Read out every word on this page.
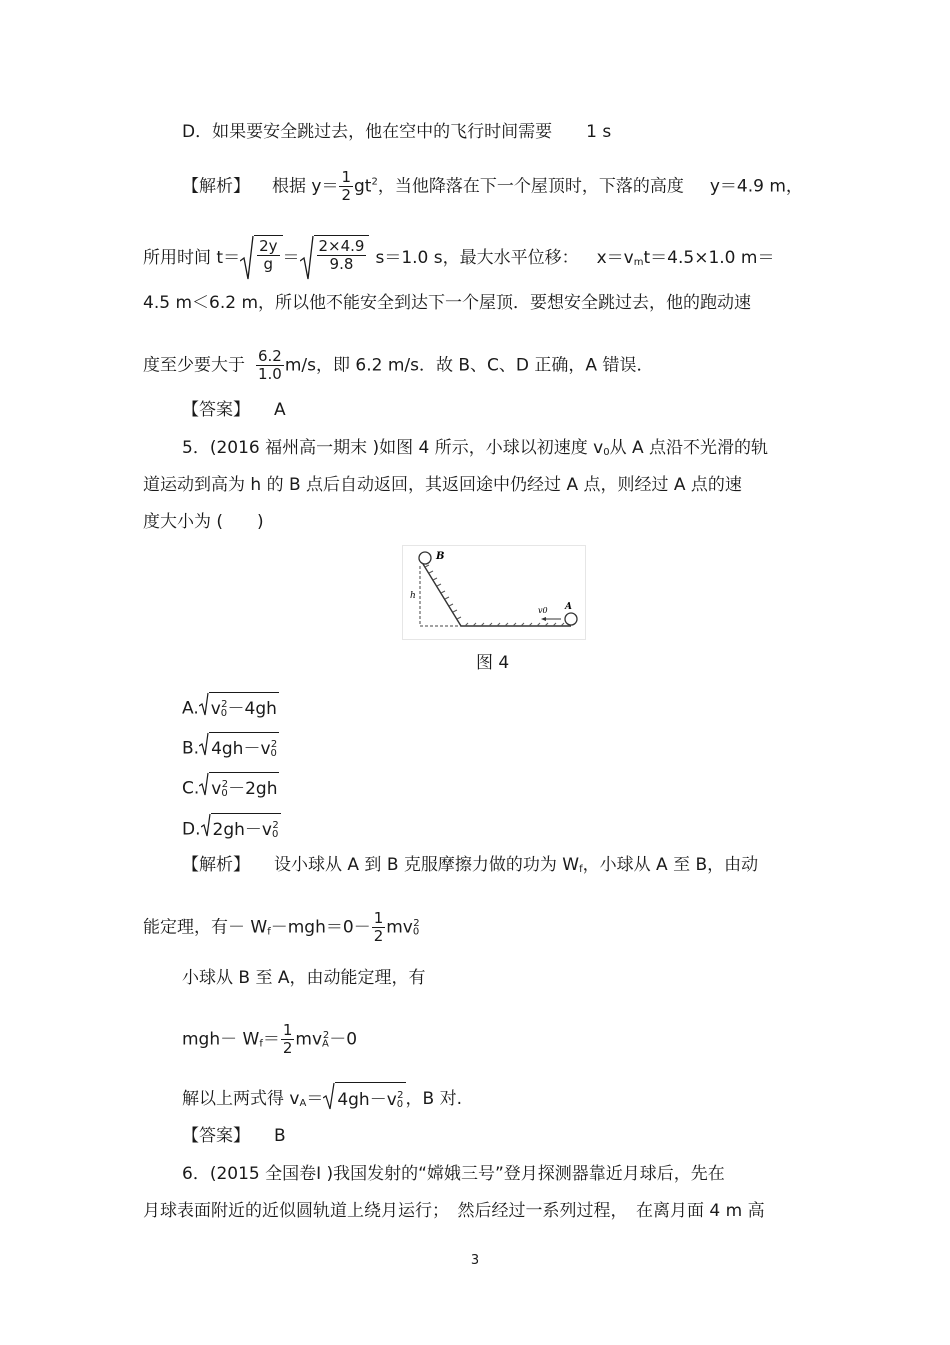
D．如果要安全跳过去，他在空中的飞行时间需要 1 s
【解析】 根据 $y= \frac{1}{2} gt^2$，当他降落在下一个屋顶时，下落的高度 y＝4.9 m，
所用时间 $t= \frac{2y}{g} = \frac{2\times 4.9}{9.8} s=1.0$ s，最大水平位移： $x=v_mt=4.5\times 1.0$ m＝
4.5 m＜6.2 m，所以他不能安全到达下一个屋顶．要想安全跳过去，他的跑动速
度至少要大于 $\frac{6.2}{1.0} m/s$，即 6.2 m/s．故 B、C、D 正确，A 错误．
【答案】 A
5．(2016 福州高一期末 )如图 4 所示，小球以初速度 $v_0$从 A 点沿不光滑的轨
道运动到高为 h 的 B 点后自动返回，其返回途中仍经过 A 点，则经过 A 点的速
度大小为 (　　)
B
h
v0 A
图 4
A. $v_0^2-4gh$
B. $4gh-v_0^2$
C. $v_0^2-2gh$
D. $2gh-v_0^2$
【解析】 设小球从 A 到 B 克服摩擦力做的功为 $W_f$，小球从 A 至 B，由动
能定理，有－ $W_f-mgh=0- \frac{1}{2} mv_0^2$
小球从 B 至 A，由动能定理，有
$mgh- W_f= \frac{1}{2} mv_A^2-0$
解以上两式得 $v_A= 4gh-v_0^2$ ，B 对.
【答案】 B
6．(2015 全国卷Ⅰ )我国发射的“嫦娥三号”登月探测器靠近月球后，先在
月球表面附近的近似圆轨道上绕月运行；　然后经过一系列过程，　在离月面 4 m 高
3
